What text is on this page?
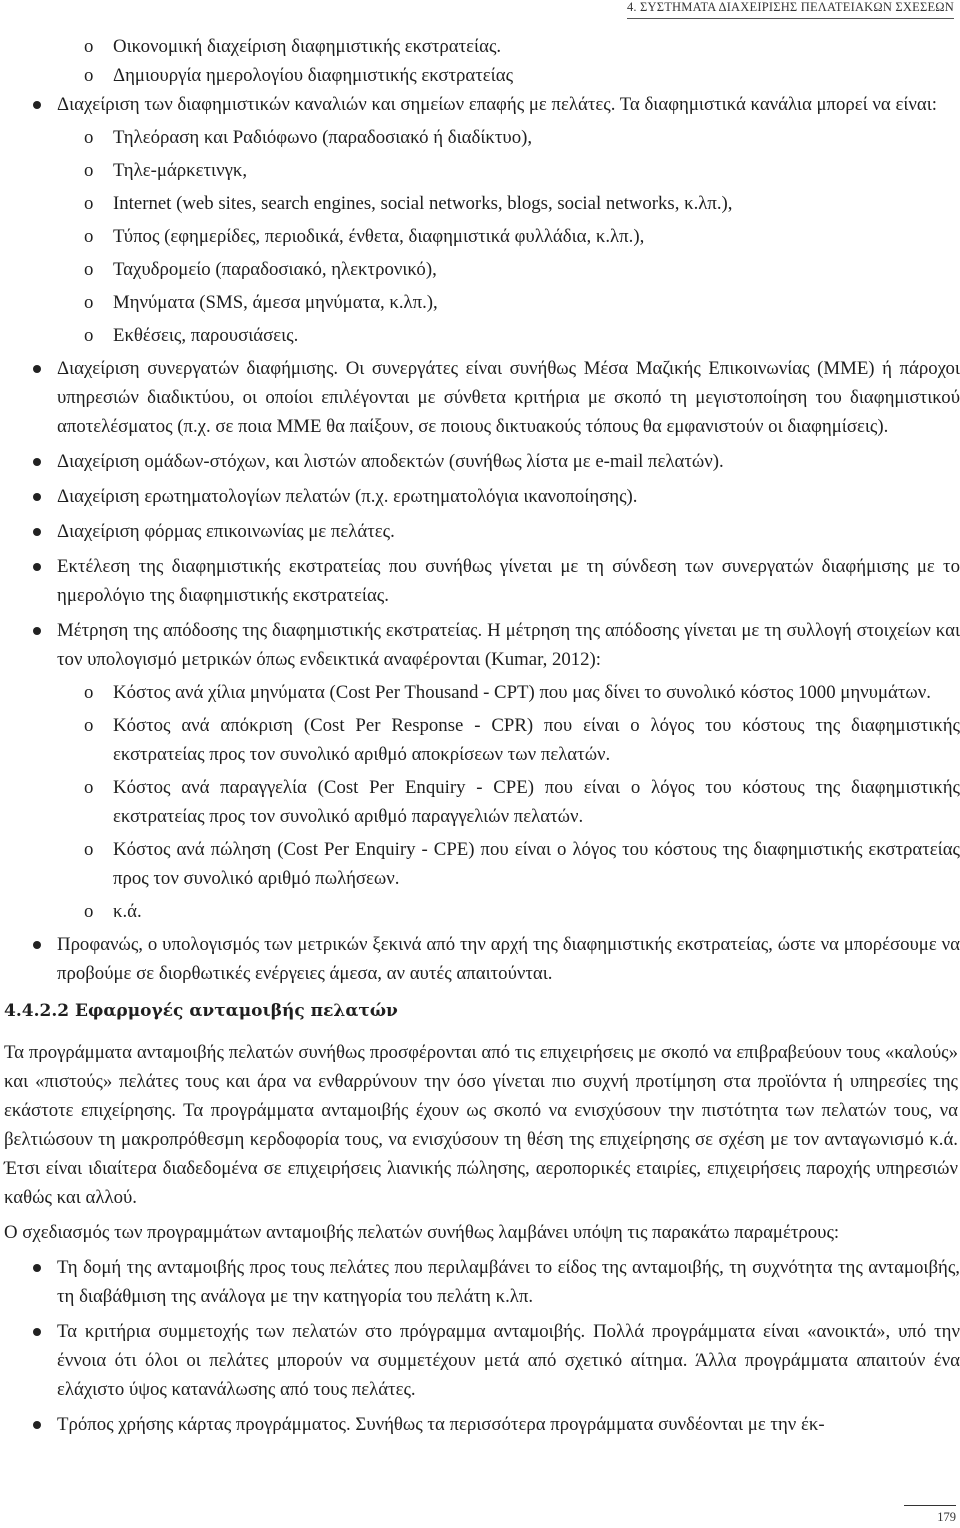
4. ΣΥΣΤΗΜΑΤΑ ΔΙΑΧΕΙΡΙΣΗΣ ΠΕΛΑΤΕΙΑΚΩΝ ΣΧΕΣΕΩΝ
o Οικονομική διαχείριση διαφημιστικής εκστρατείας.
o Δημιουργία ημερολογίου διαφημιστικής εκστρατείας
Διαχείριση των διαφημιστικών καναλιών και σημείων επαφής με πελάτες. Τα διαφημιστικά κανάλια μπορεί να είναι:
o Τηλεόραση και Ραδιόφωνο (παραδοσιακό ή διαδίκτυο),
o Τηλε-μάρκετινγκ,
o Internet (web sites, search engines, social networks, blogs, social networks, κ.λπ.),
o Τύπος (εφημερίδες, περιοδικά, ένθετα, διαφημιστικά φυλλάδια, κ.λπ.),
o Ταχυδρομείο (παραδοσιακό, ηλεκτρονικό),
o Μηνύματα (SMS, άμεσα μηνύματα, κ.λπ.),
o Εκθέσεις, παρουσιάσεις.
Διαχείριση συνεργατών διαφήμισης. Οι συνεργάτες είναι συνήθως Μέσα Μαζικής Επικοινωνίας (ΜΜΕ) ή πάροχοι υπηρεσιών διαδικτύου, οι οποίοι επιλέγονται με σύνθετα κριτήρια με σκοπό τη μεγιστοποίηση του διαφημιστικού αποτελέσματος (π.χ. σε ποια ΜΜΕ θα παίξουν, σε ποιους δικτυακούς τόπους θα εμφανιστούν οι διαφημίσεις).
Διαχείριση ομάδων-στόχων, και λιστών αποδεκτών (συνήθως λίστα με e-mail πελατών).
Διαχείριση ερωτηματολογίων πελατών (π.χ. ερωτηματολόγια ικανοποίησης).
Διαχείριση φόρμας επικοινωνίας με πελάτες.
Εκτέλεση της διαφημιστικής εκστρατείας που συνήθως γίνεται με τη σύνδεση των συνεργατών διαφήμισης με το ημερολόγιο της διαφημιστικής εκστρατείας.
Μέτρηση της απόδοσης της διαφημιστικής εκστρατείας. Η μέτρηση της απόδοσης γίνεται με τη συλλογή στοιχείων και τον υπολογισμό μετρικών όπως ενδεικτικά αναφέρονται (Kumar, 2012):
o Κόστος ανά χίλια μηνύματα (Cost Per Thousand - CPT) που μας δίνει το συνολικό κόστος 1000 μηνυμάτων.
o Κόστος ανά απόκριση (Cost Per Response - CPR) που είναι ο λόγος του κόστους της διαφημιστικής εκστρατείας προς τον συνολικό αριθμό αποκρίσεων των πελατών.
o Κόστος ανά παραγγελία (Cost Per Enquiry - CPE) που είναι ο λόγος του κόστους της διαφημιστικής εκστρατείας προς τον συνολικό αριθμό παραγγελιών πελατών.
o Κόστος ανά πώληση (Cost Per Enquiry - CPE) που είναι ο λόγος του κόστους της διαφημιστικής εκστρατείας προς τον συνολικό αριθμό πωλήσεων.
o κ.ά.
Προφανώς, ο υπολογισμός των μετρικών ξεκινά από την αρχή της διαφημιστικής εκστρατείας, ώστε να μπορέσουμε να προβούμε σε διορθωτικές ενέργειες άμεσα, αν αυτές απαιτούνται.
4.4.2.2 Εφαρμογές ανταμοιβής πελατών
Τα προγράμματα ανταμοιβής πελατών συνήθως προσφέρονται από τις επιχειρήσεις με σκοπό να επιβραβεύουν τους «καλούς» και «πιστούς» πελάτες τους και άρα να ενθαρρύνουν την όσο γίνεται πιο συχνή προτίμηση στα προϊόντα ή υπηρεσίες της εκάστοτε επιχείρησης. Τα προγράμματα ανταμοιβής έχουν ως σκοπό να ενισχύσουν την πιστότητα των πελατών τους, να βελτιώσουν τη μακροπρόθεσμη κερδοφορία τους, να ενισχύσουν τη θέση της επιχείρησης σε σχέση με τον ανταγωνισμό κ.ά. Έτσι είναι ιδιαίτερα διαδεδομένα σε επιχειρήσεις λιανικής πώλησης, αεροπορικές εταιρίες, επιχειρήσεις παροχής υπηρεσιών καθώς και αλλού.
Ο σχεδιασμός των προγραμμάτων ανταμοιβής πελατών συνήθως λαμβάνει υπόψη τις παρακάτω παραμέτρους:
Τη δομή της ανταμοιβής προς τους πελάτες που περιλαμβάνει το είδος της ανταμοιβής, τη συχνότητα της ανταμοιβής, τη διαβάθμιση της ανάλογα με την κατηγορία του πελάτη κ.λπ.
Τα κριτήρια συμμετοχής των πελατών στο πρόγραμμα ανταμοιβής. Πολλά προγράμματα είναι «ανοικτά», υπό την έννοια ότι όλοι οι πελάτες μπορούν να συμμετέχουν μετά από σχετικό αίτημα. Άλλα προγράμματα απαιτούν ένα ελάχιστο ύψος κατανάλωσης από τους πελάτες.
Τρόπος χρήσης κάρτας προγράμματος. Συνήθως τα περισσότερα προγράμματα συνδέονται με την έκ-
179
